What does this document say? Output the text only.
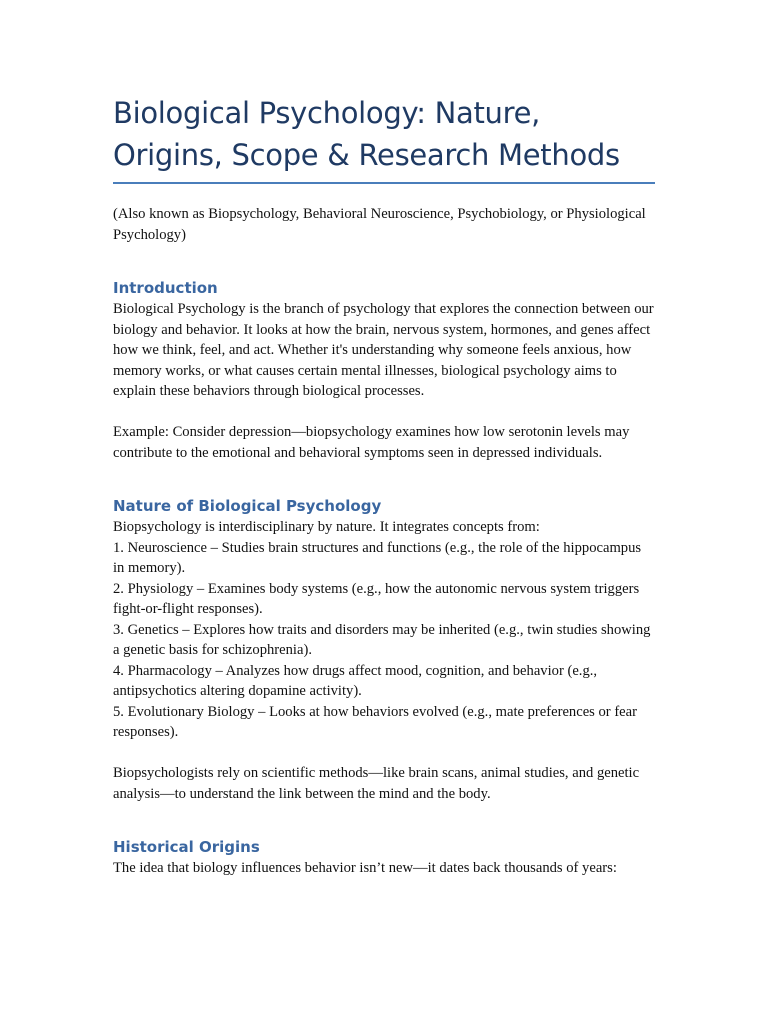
Biological Psychology: Nature, Origins, Scope & Research Methods

(Also known as Biopsychology, Behavioral Neuroscience, Psychobiology, or Physiological Psychology)

Introduction

Biological Psychology is the branch of psychology that explores the connection between our biology and behavior. It looks at how the brain, nervous system, hormones, and genes affect how we think, feel, and act. Whether it's understanding why someone feels anxious, how memory works, or what causes certain mental illnesses, biological psychology aims to explain these behaviors through biological processes.

Example: Consider depression—biopsychology examines how low serotonin levels may contribute to the emotional and behavioral symptoms seen in depressed individuals.

Nature of Biological Psychology

Biopsychology is interdisciplinary by nature. It integrates concepts from:

1. Neuroscience – Studies brain structures and functions (e.g., the role of the hippocampus in memory).
2. Physiology – Examines body systems (e.g., how the autonomic nervous system triggers fight-or-flight responses).
3. Genetics – Explores how traits and disorders may be inherited (e.g., twin studies showing a genetic basis for schizophrenia).
4. Pharmacology – Analyzes how drugs affect mood, cognition, and behavior (e.g., antipsychotics altering dopamine activity).
5. Evolutionary Biology – Looks at how behaviors evolved (e.g., mate preferences or fear responses).

Biopsychologists rely on scientific methods—like brain scans, animal studies, and genetic analysis—to understand the link between the mind and the body.

Historical Origins

The idea that biology influences behavior isn’t new—it dates back thousands of years:
